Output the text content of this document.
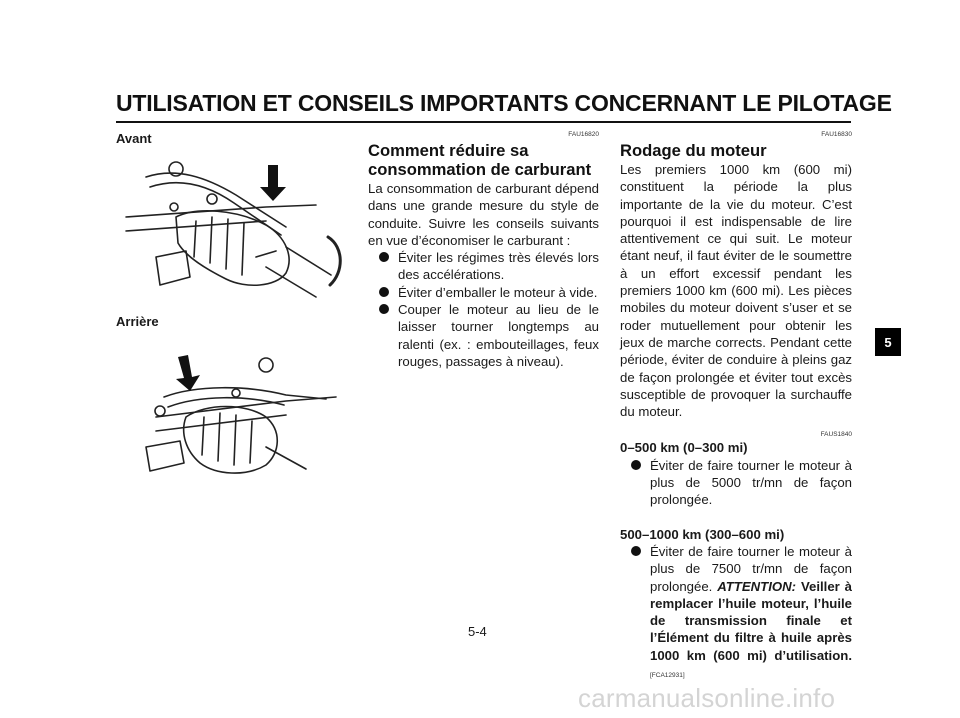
UTILISATION ET CONSEILS IMPORTANTS CONCERNANT LE PILOTAGE
5
Avant
Arrière
FAU16820
Comment réduire sa consommation de carburant
La consommation de carburant dépend dans une grande mesure du style de conduite. Suivre les conseils suivants en vue d’économiser le carburant :
Éviter les régimes très élevés lors des accélérations.
Éviter d’emballer le moteur à vide.
Couper le moteur au lieu de le laisser tourner longtemps au ralenti (ex. : embouteillages, feux rouges, passages à niveau).
FAU16830
Rodage du moteur
Les premiers 1000 km (600 mi) constituent la période la plus importante de la vie du moteur. C’est pourquoi il est indispensable de lire attentivement ce qui suit. Le moteur étant neuf, il faut éviter de le soumettre à un effort excessif pendant les premiers 1000 km (600 mi). Les pièces mobiles du moteur doivent s’user et se roder mutuellement pour obtenir les jeux de marche corrects. Pendant cette période, éviter de conduire à pleins gaz de façon prolongée et éviter tout excès susceptible de provoquer la surchauffe du moteur.
FAUS1840
0–500 km (0–300 mi)
Éviter de faire tourner le moteur à plus de 5000 tr/mn de façon prolongée.
500–1000 km (300–600 mi)
Éviter de faire tourner le moteur à plus de 7500 tr/mn de façon prolongée. ATTENTION: Veiller à remplacer l’huile moteur, l’huile de transmission finale et l’Élément du filtre à huile après 1000 km (600 mi) d’utilisation. [FCA12931]
5-4
carmanualsonline.info
